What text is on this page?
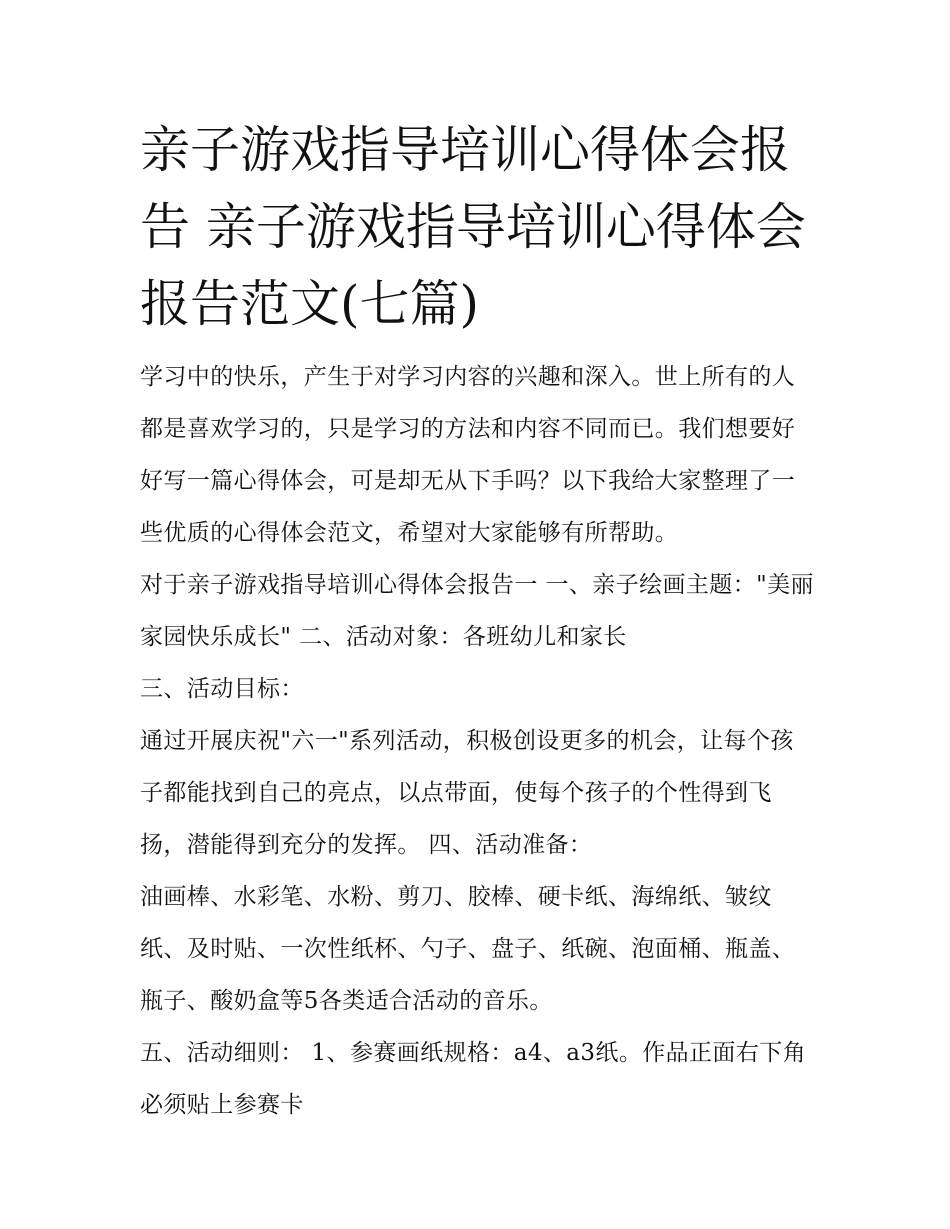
亲子游戏指导培训心得体会报告 亲子游戏指导培训心得体会报告范文(七篇)

学习中的快乐，产生于对学习内容的兴趣和深入。世上所有的人都是喜欢学习的，只是学习的方法和内容不同而已。我们想要好好写一篇心得体会，可是却无从下手吗？以下我给大家整理了一些优质的心得体会范文，希望对大家能够有所帮助。

对于亲子游戏指导培训心得体会报告一 一、亲子绘画主题："美丽家园快乐成长" 二、活动对象：各班幼儿和家长

三、活动目标：

通过开展庆祝"六一"系列活动，积极创设更多的机会，让每个孩子都能找到自己的亮点，以点带面，使每个孩子的个性得到飞扬，潜能得到充分的发挥。 四、活动准备：

油画棒、水彩笔、水粉、剪刀、胶棒、硬卡纸、海绵纸、皱纹纸、及时贴、一次性纸杯、勺子、盘子、纸碗、泡面桶、瓶盖、瓶子、酸奶盒等5各类适合活动的音乐。

五、活动细则： 1、参赛画纸规格：a4、a3纸。作品正面右下角必须贴上参赛卡
